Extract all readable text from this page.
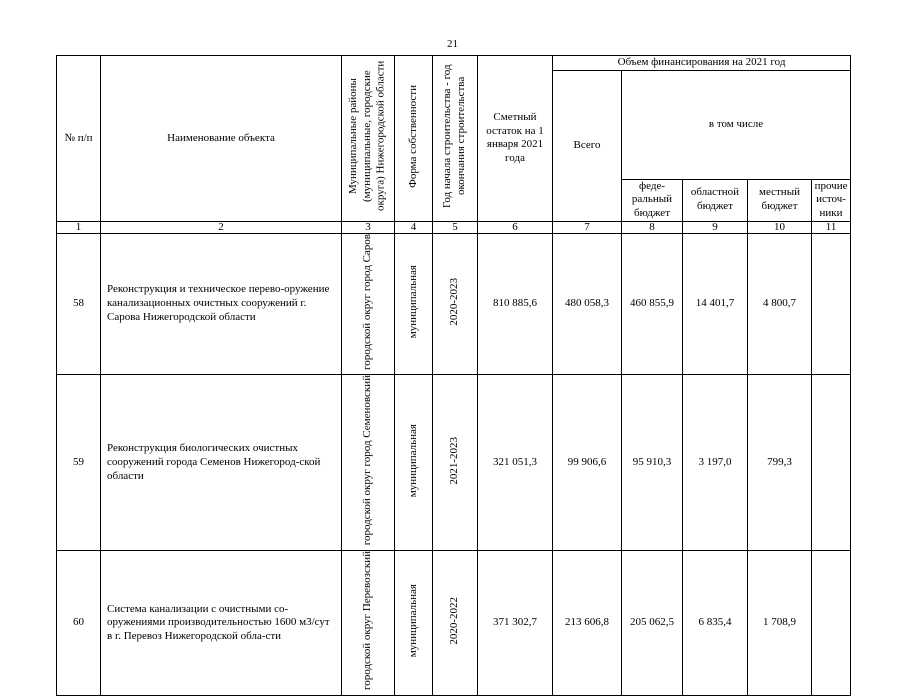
21
№ п/п	Наименование объекта	Муниципальные районы (муниципальные, городские округа) Нижегородской области	Форма собственности	Год начала строительства - год окончания строительства	Сметный остаток на 1 января 2021 года	Объем финансирования на 2021 год				
						Всего	в том числе			
							феде-ральный бюджет	областной бюджет	местный бюджет	прочие источ-ники
1	2	3	4	5	6	7	8	9	10	11
58	Реконструкция и техническое перево-оружение канализационных очистных сооружений г. Сарова Нижегородской области	городской округ город Саров	муниципальная	2020-2023	810 885,6	480 058,3	460 855,9	14 401,7	4 800,7	
59	Реконструкция биологических очистных сооружений города Семенов Нижегород-ской области	городской округ город Семеновский	муниципальная	2021-2023	321 051,3	99 906,6	95 910,3	3 197,0	799,3	
60	Система канализации с очистными со-оружениями производительностью 1600 м3/сут в г. Перевоз Нижегородской обла-сти	городской округ Перевозский	муниципальная	2020-2022	371 302,7	213 606,8	205 062,5	6 835,4	1 708,9	
